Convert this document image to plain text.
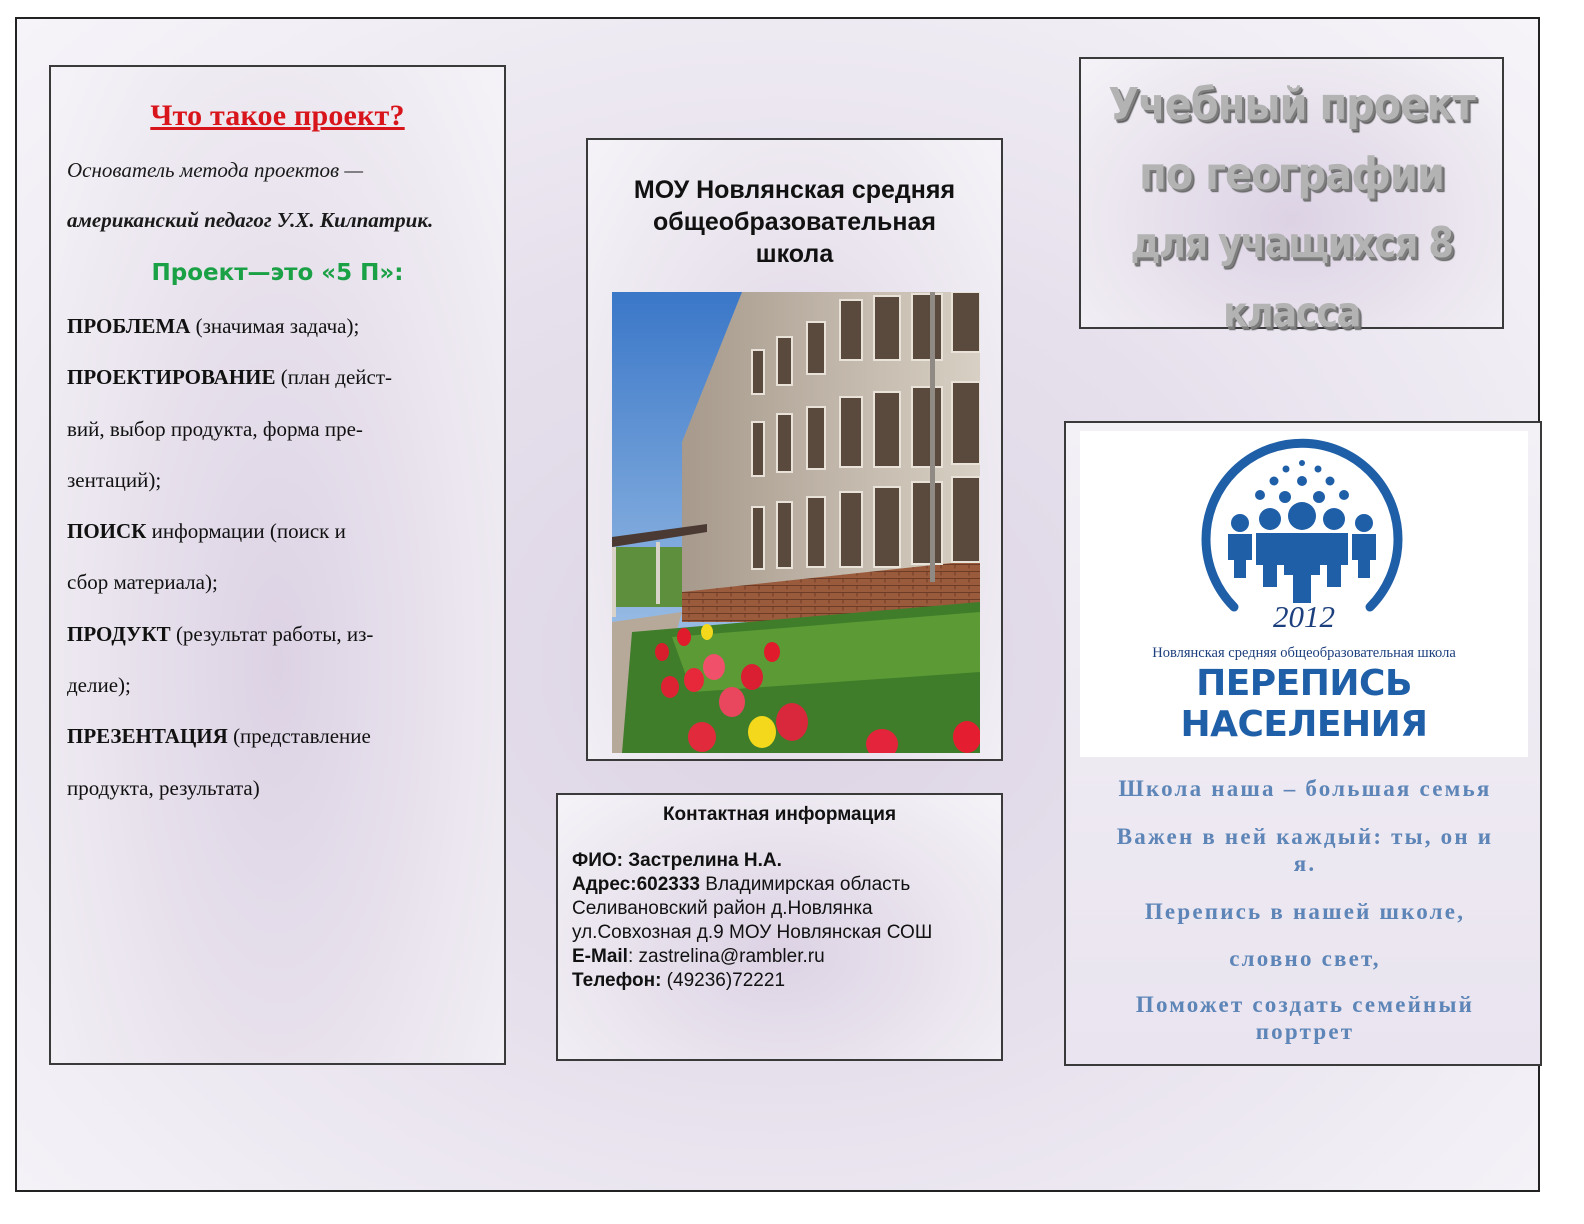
Что такое проект?
Основатель метода проектов —
американский педагог У.Х. Килпатрик.
Проект—это «5 П»:
ПРОБЛЕМА (значимая задача);
ПРОЕКТИРОВАНИЕ (план дейст-
вий, выбор продукта, форма пре-
зентаций);
ПОИСК информации (поиск и
сбор материала);
ПРОДУКТ (результат работы, из-
делие);
ПРЕЗЕНТАЦИЯ (представление
продукта, результата)
МОУ Новлянская средняя
общеобразовательная
школа
Контактная информация
ФИО: Застрелина Н.А.
Адрес:602333 Владимирская область
Селивановский район д.Новлянка
ул.Совхозная д.9 МОУ Новлянская СОШ
E-Mail: zastrelina@rambler.ru
Телефон: (49236)72221
Учебный проект
по географии
для учащихся 8 класса
2012
Новлянская средняя общеобразовательная школа
ПЕРЕПИСЬ НАСЕЛЕНИЯ
Школа наша – большая семья
Важен в ней каждый: ты, он и
я.
Перепись в нашей школе,
словно свет,
Поможет создать семейный
портрет
